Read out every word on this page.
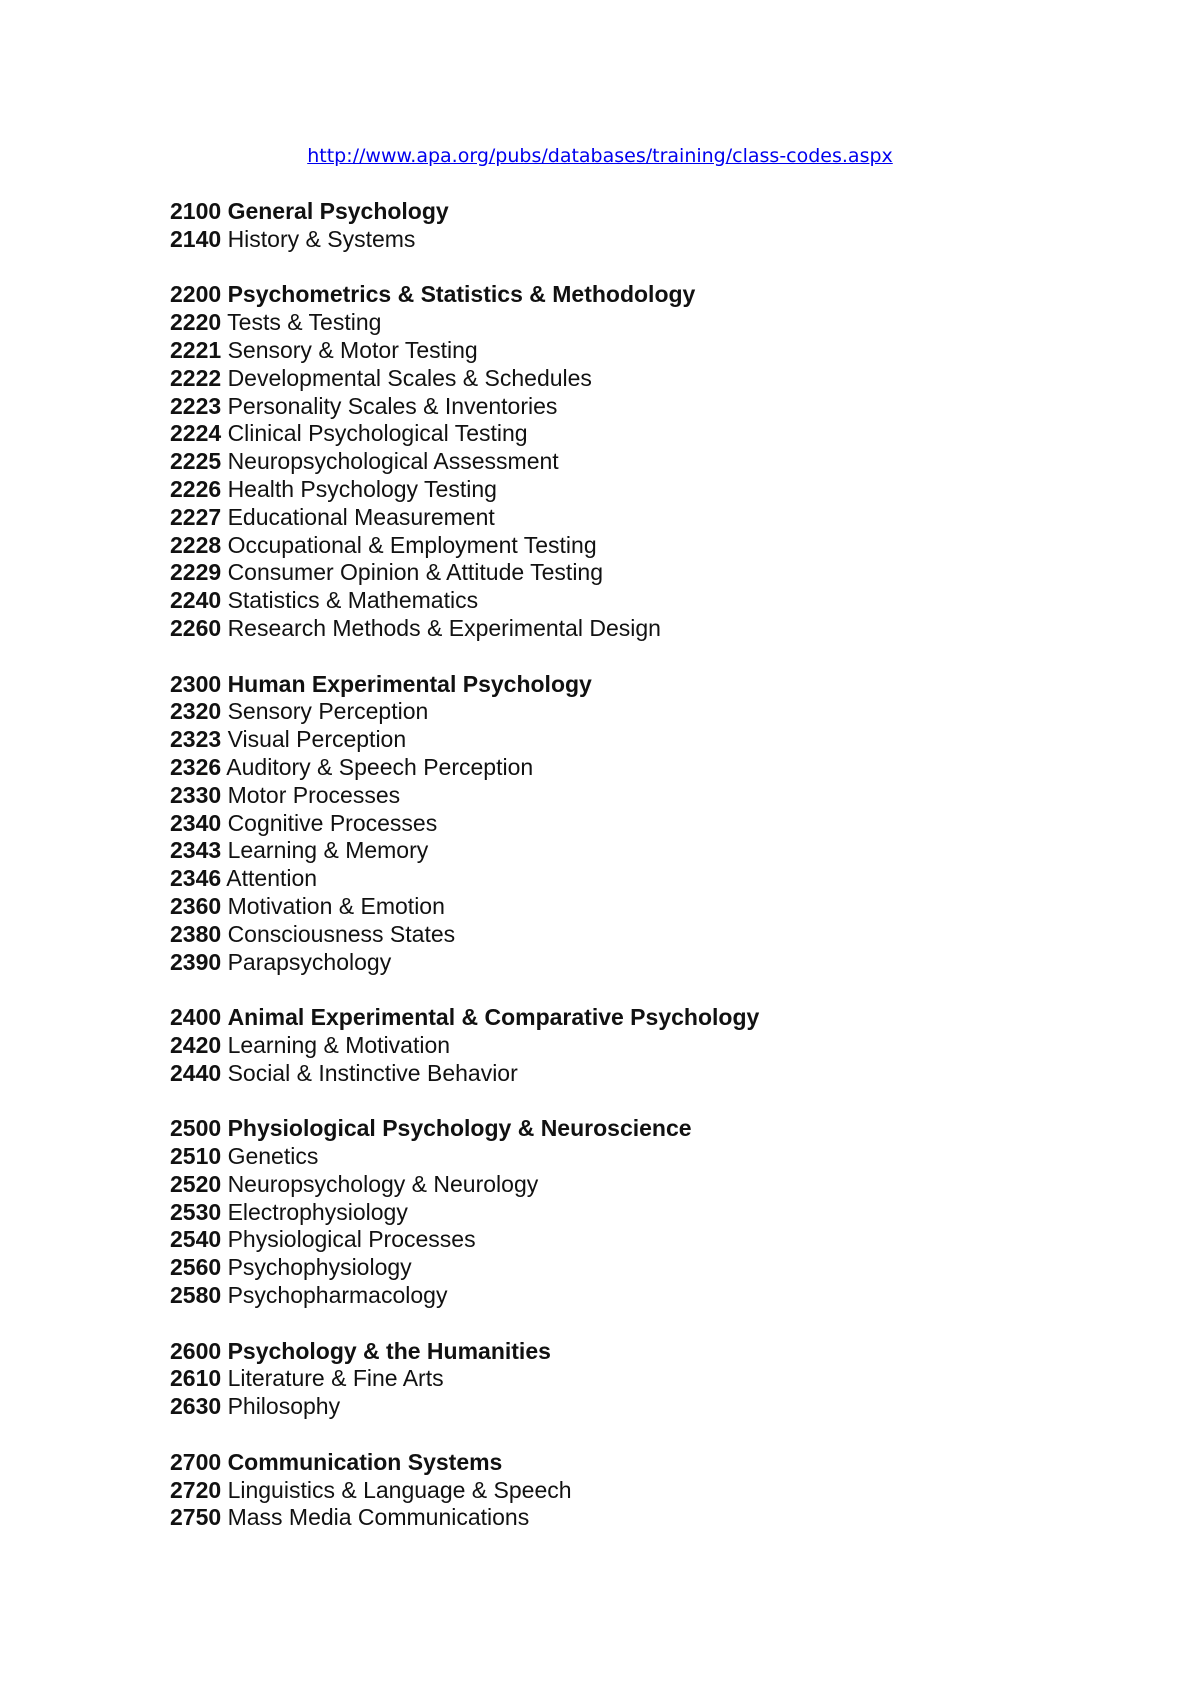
http://www.apa.org/pubs/databases/training/class-codes.aspx
2100 General Psychology
2140 History & Systems
2200 Psychometrics & Statistics & Methodology
2220 Tests & Testing
2221 Sensory & Motor Testing
2222 Developmental Scales & Schedules
2223 Personality Scales & Inventories
2224 Clinical Psychological Testing
2225 Neuropsychological Assessment
2226 Health Psychology Testing
2227 Educational Measurement
2228 Occupational & Employment Testing
2229 Consumer Opinion & Attitude Testing
2240 Statistics & Mathematics
2260 Research Methods & Experimental Design
2300 Human Experimental Psychology
2320 Sensory Perception
2323 Visual Perception
2326 Auditory & Speech Perception
2330 Motor Processes
2340 Cognitive Processes
2343 Learning & Memory
2346 Attention
2360 Motivation & Emotion
2380 Consciousness States
2390 Parapsychology
2400 Animal Experimental & Comparative Psychology
2420 Learning & Motivation
2440 Social & Instinctive Behavior
2500 Physiological Psychology & Neuroscience
2510 Genetics
2520 Neuropsychology & Neurology
2530 Electrophysiology
2540 Physiological Processes
2560 Psychophysiology
2580 Psychopharmacology
2600 Psychology & the Humanities
2610 Literature & Fine Arts
2630 Philosophy
2700 Communication Systems
2720 Linguistics & Language & Speech
2750 Mass Media Communications
